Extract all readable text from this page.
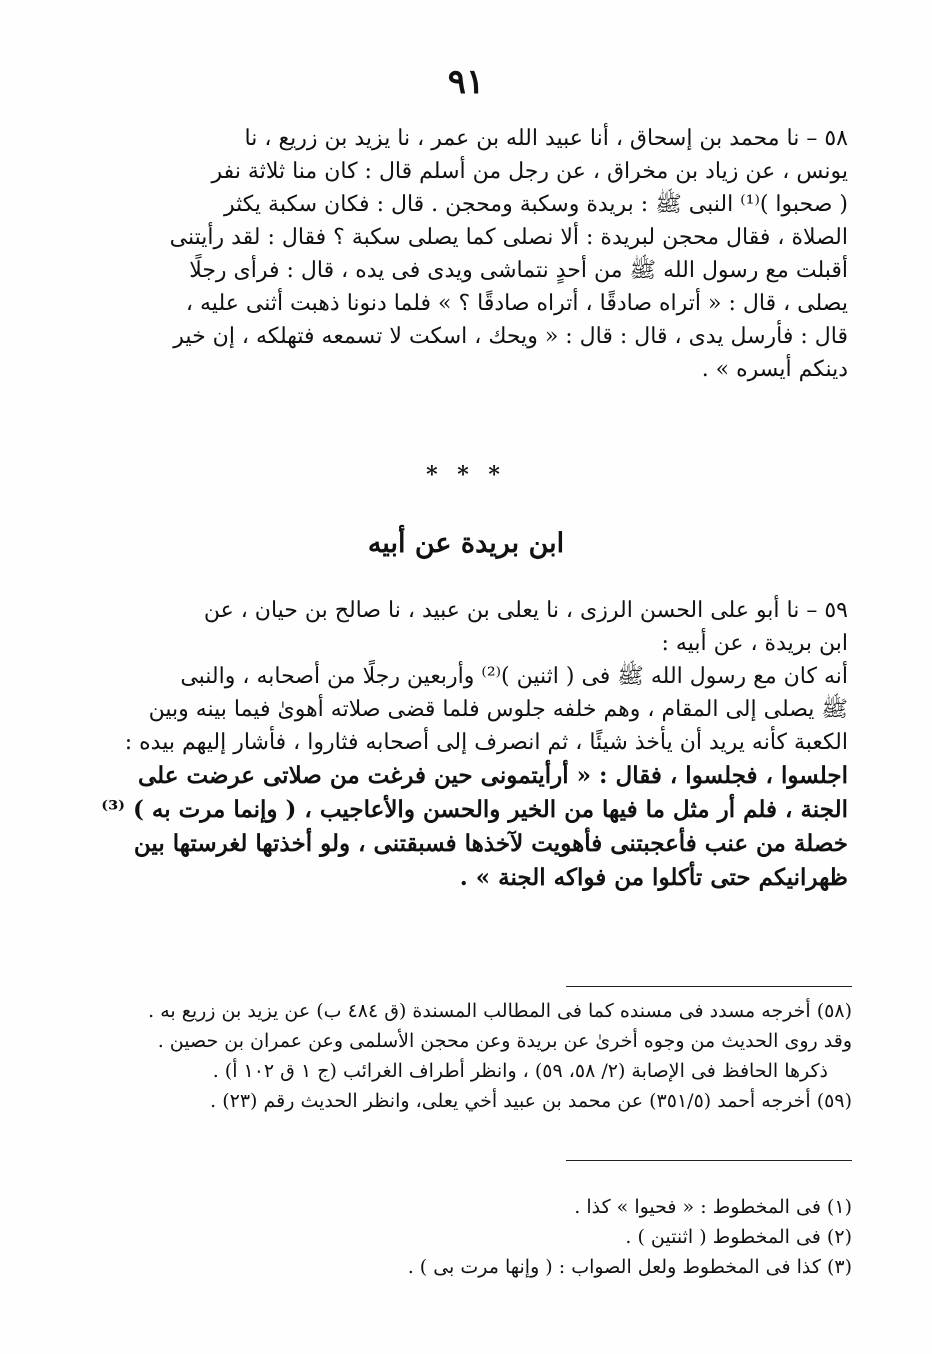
٩١
٥٨ – نا محمد بن إسحاق ، أنا عبيد الله بن عمر ، نا يزيد بن زريع ، نا
يونس ، عن زياد بن مخراق ، عن رجل من أسلم قال : كان منا ثلاثة نفر
( صحبوا )⁽¹⁾ النبى ﷺ : بريدة وسكبة ومحجن . قال : فكان سكبة يكثر
الصلاة ، فقال محجن لبريدة : ألا نصلى كما يصلى سكبة ؟ فقال : لقد رأيتنى
أقبلت مع رسول الله ﷺ من أحدٍ نتماشى ويدى فى يده ، قال : فرأى رجلًا
يصلى ، قال : « أتراه صادقًا ، أتراه صادقًا ؟ » فلما دنونا ذهبت أثنى عليه ،
قال : فأرسل يدى ، قال : قال : « ويحك ، اسكت لا تسمعه فتهلكه ، إن خير
دينكم أيسره » .
* * *
ابن بريدة عن أبيه
٥٩ – نا أبو على الحسن الرزى ، نا يعلى بن عبيد ، نا صالح بن حيان ، عن
ابن بريدة ، عن أبيه :
أنه كان مع رسول الله ﷺ فى ( اثنين )⁽²⁾ وأربعين رجلًا من أصحابه ، والنبى
ﷺ يصلى إلى المقام ، وهم خلفه جلوس فلما قضى صلاته أهوىٰ فيما بينه وبين
الكعبة كأنه يريد أن يأخذ شيئًا ، ثم انصرف إلى أصحابه فثاروا ، فأشار إليهم بيده :
اجلسوا ، فجلسوا ، فقال : « أرأيتمونى حين فرغت من صلاتى عرضت على
الجنة ، فلم أر مثل ما فيها من الخير والحسن والأعاجيب ، ( وإنما مرت به ) ⁽³⁾
خصلة من عنب فأعجبتنى فأهويت لآخذها فسبقتنى ، ولو أخذتها لغرستها بين
ظهرانيكم حتى تأكلوا من فواكه الجنة » .
(٥٨) أخرجه مسدد فى مسنده كما فى المطالب المسندة (ق ٤٨٤ ب) عن يزيد بن زريع به .
وقد روى الحديث من وجوه أخرىٰ عن بريدة وعن محجن الأسلمى وعن عمران بن حصين .
ذكرها الحافظ فى الإصابة (٢/ ٥٨، ٥٩) ، وانظر أطراف الغرائب (ج ١ ق ١٠٢ أ) .
(٥٩) أخرجه أحمد (٣٥١/٥) عن محمد بن عبيد أخي يعلى، وانظر الحديث رقم (٢٣) .
(١) فى المخطوط : « فحيوا » كذا .
(٢) فى المخطوط ( اثنتين ) .
(٣) كذا فى المخطوط ولعل الصواب : ( وإنها مرت بى ) .
